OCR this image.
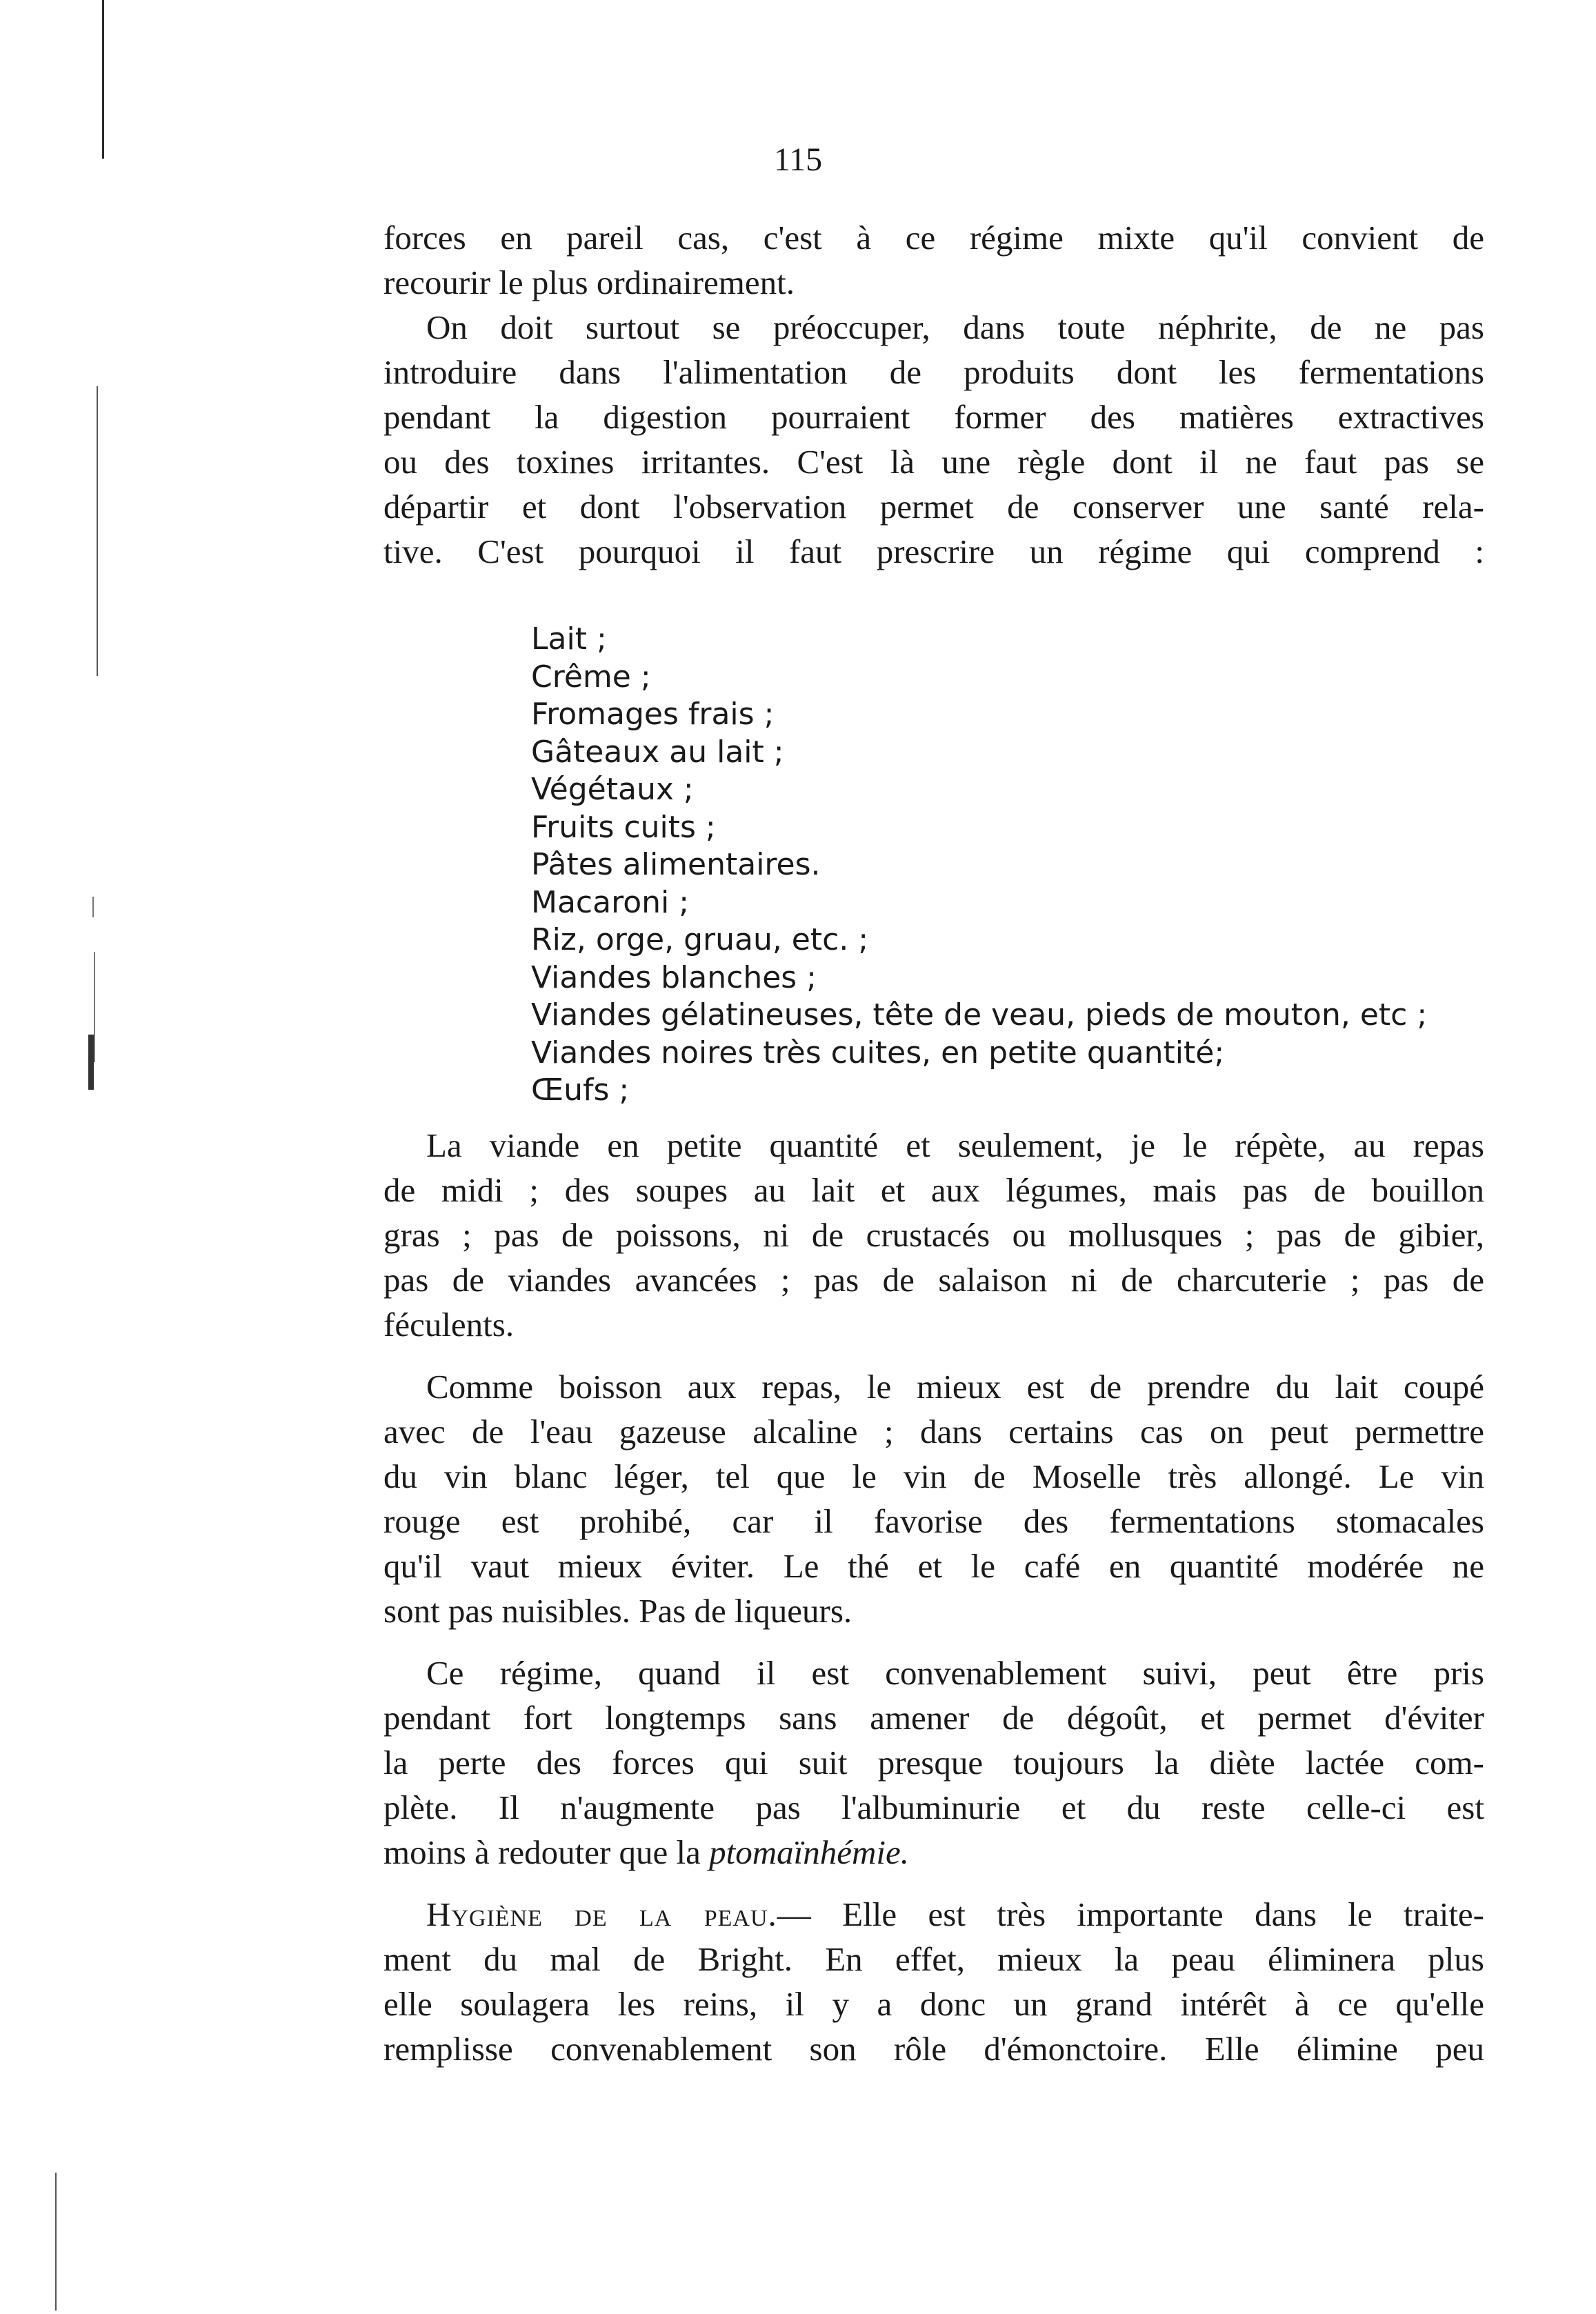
115
forces en pareil cas, c'est à ce régime mixte qu'il convient de
recourir le plus ordinairement.
On doit surtout se préoccuper, dans toute néphrite, de ne pas
introduire dans l'alimentation de produits dont les fermentations
pendant la digestion pourraient former des matières extractives
ou des toxines irritantes. C'est là une règle dont il ne faut pas se
départir et dont l'observation permet de conserver une santé rela-
tive. C'est pourquoi il faut prescrire un régime qui comprend :
Lait ;
Crême ;
Fromages frais ;
Gâteaux au lait ;
Végétaux ;
Fruits cuits ;
Pâtes alimentaires.
Macaroni ;
Riz, orge, gruau, etc. ;
Viandes blanches ;
Viandes gélatineuses, tête de veau, pieds de mouton, etc ;
Viandes noires très cuites, en petite quantité;
Œufs ;
La viande en petite quantité et seulement, je le répète, au repas
de midi ; des soupes au lait et aux légumes, mais pas de bouillon
gras ; pas de poissons, ni de crustacés ou mollusques ; pas de gibier,
pas de viandes avancées ; pas de salaison ni de charcuterie ; pas de
féculents.
Comme boisson aux repas, le mieux est de prendre du lait coupé
avec de l'eau gazeuse alcaline ; dans certains cas on peut permettre
du vin blanc léger, tel que le vin de Moselle très allongé. Le vin
rouge est prohibé, car il favorise des fermentations stomacales
qu'il vaut mieux éviter. Le thé et le café en quantité modérée ne
sont pas nuisibles. Pas de liqueurs.
Ce régime, quand il est convenablement suivi, peut être pris
pendant fort longtemps sans amener de dégoût, et permet d'éviter
la perte des forces qui suit presque toujours la diète lactée com-
plète. Il n'augmente pas l'albuminurie et du reste celle-ci est
moins à redouter que la ptomaïnhémie.
Hygiène de la peau.— Elle est très importante dans le traite-
ment du mal de Bright. En effet, mieux la peau éliminera plus
elle soulagera les reins, il y a donc un grand intérêt à ce qu'elle
remplisse convenablement son rôle d'émonctoire. Elle élimine peu
